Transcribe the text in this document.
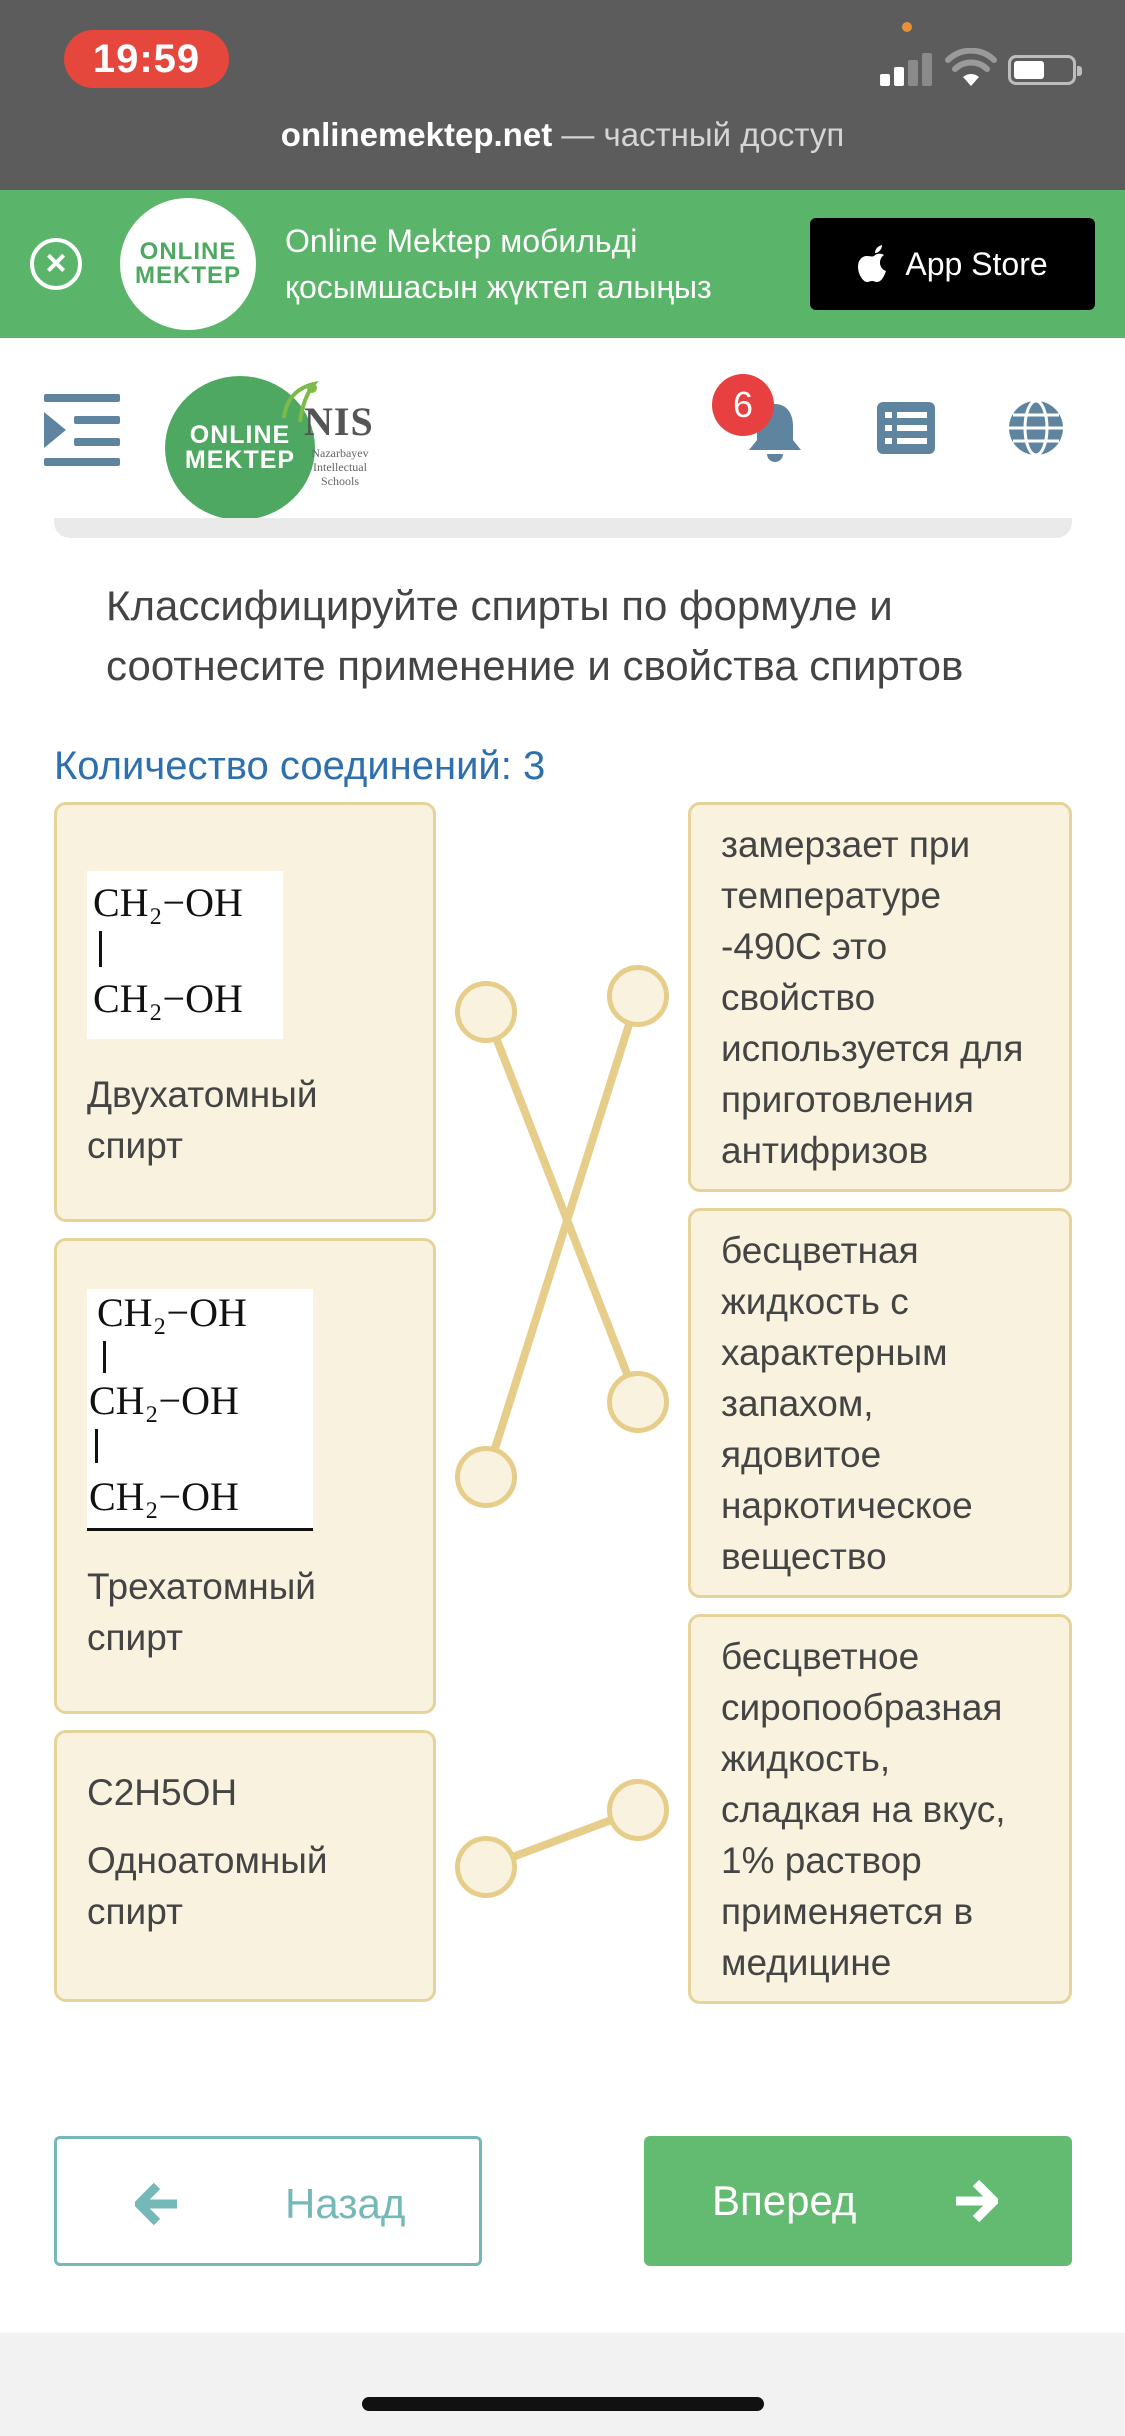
19:59
onlinemektep.net — частный доступ
×	ONLINE
MEKTEP
Online Mektep мобильді
қосымшасын жүктеп алыңыз
App Store
ONLINE
MEKTEP
NIS
Nazarbayev
Intellectual
Schools
6
Классифицируйте спирты по формуле и
соотнесите применение и свойства спиртов
Количество соединений: 3
CH₂−OH
CH₂−OH
Двухатомный
спирт
CH₂−OH
CH₂−OH
CH₂−OH
Трехатомный
спирт
C2H5OH
Одноатомный
спирт
замерзает при
температуре
-490С это
свойство
используется для
приготовления
антифризов
бесцветная
жидкость с
характерным
запахом,
ядовитое
наркотическое
вещество
бесцветное
сиропообразная
жидкость,
сладкая на вкус,
1% раствор
применяется в
медицине
Назад	Вперед
